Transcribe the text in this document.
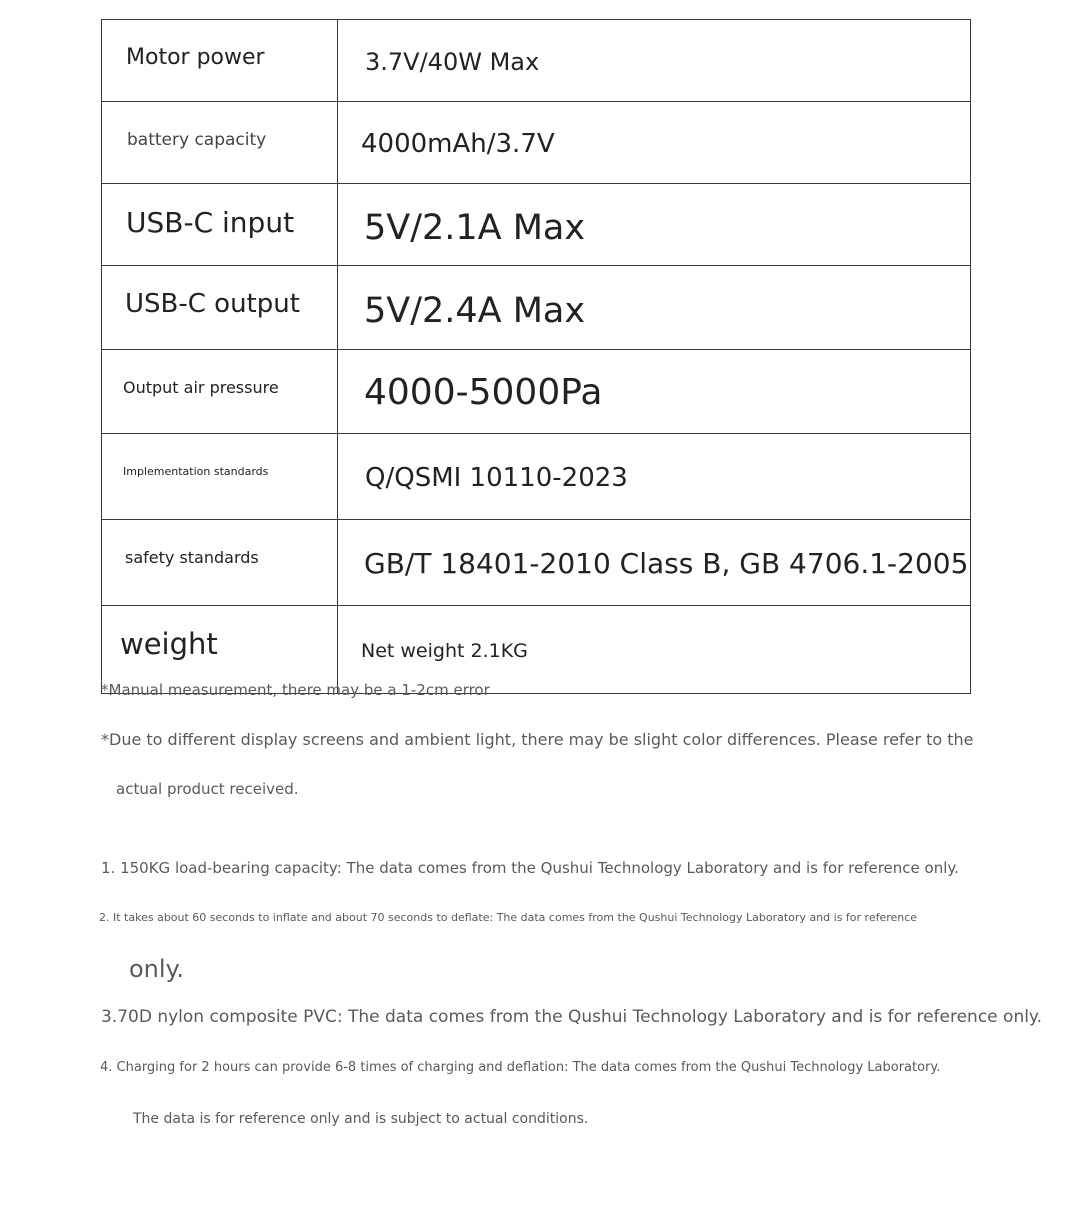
Motor power	3.7V/40W Max
battery capacity	4000mAh/3.7V
USB-C input	5V/2.1A Max
USB-C output	5V/2.4A Max
Output air pressure	4000-5000Pa
Implementation standards	Q/QSMI 10110-2023
safety standards	GB/T 18401-2010 Class B, GB 4706.1-2005
weight	Net weight 2.1KG

*Manual measurement, there may be a 1-2cm error

*Due to different display screens and ambient light, there may be slight color differences. Please refer to the

actual product received.

1. 150KG load-bearing capacity: The data comes from the Qushui Technology Laboratory and is for reference only.

2. It takes about 60 seconds to inflate and about 70 seconds to deflate: The data comes from the Qushui Technology Laboratory and is for reference

only.

3.70D nylon composite PVC: The data comes from the Qushui Technology Laboratory and is for reference only.

4. Charging for 2 hours can provide 6-8 times of charging and deflation: The data comes from the Qushui Technology Laboratory.

The data is for reference only and is subject to actual conditions.
